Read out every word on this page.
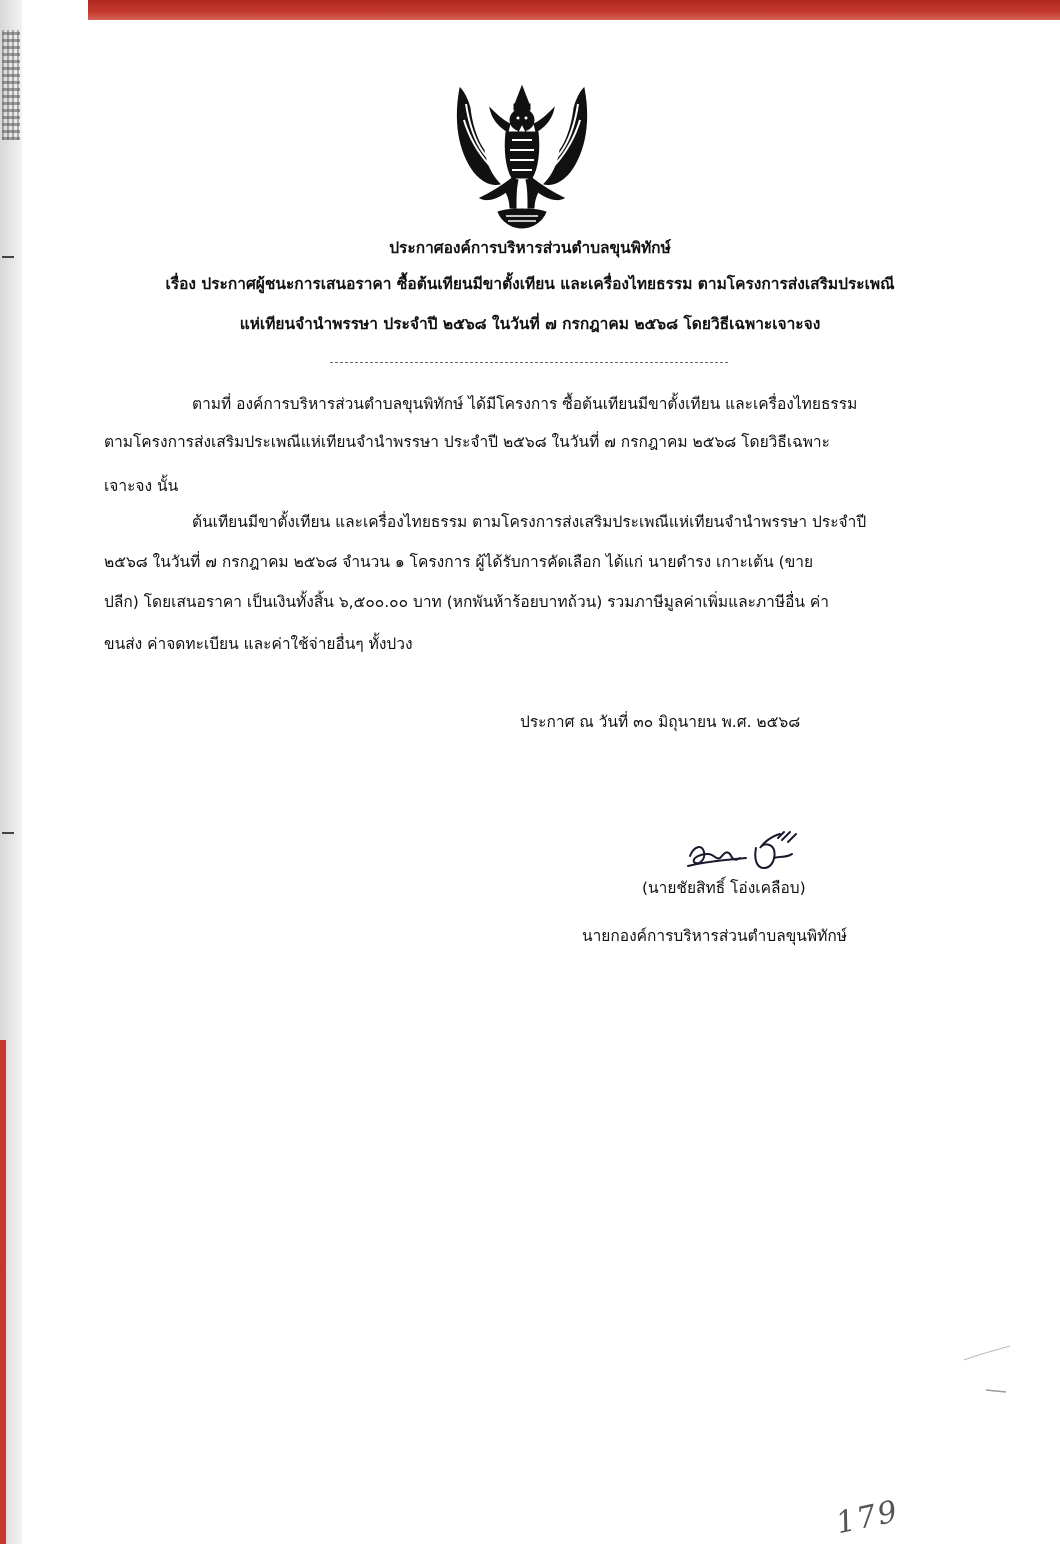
ประกาศองค์การบริหารส่วนตำบลขุนพิทักษ์
เรื่อง ประกาศผู้ชนะการเสนอราคา ซื้อต้นเทียนมีขาตั้งเทียน และเครื่องไทยธรรม ตามโครงการส่งเสริมประเพณี
แห่เทียนจำนำพรรษา ประจำปี ๒๕๖๘ ในวันที่ ๗ กรกฎาคม ๒๕๖๘ โดยวิธีเฉพาะเจาะจง
ตามที่ องค์การบริหารส่วนตำบลขุนพิทักษ์ ได้มีโครงการ ซื้อต้นเทียนมีขาตั้งเทียน และเครื่องไทยธรรม
ตามโครงการส่งเสริมประเพณีแห่เทียนจำนำพรรษา ประจำปี ๒๕๖๘ ในวันที่ ๗ กรกฎาคม ๒๕๖๘ โดยวิธีเฉพาะ
เจาะจง นั้น
ต้นเทียนมีขาตั้งเทียน และเครื่องไทยธรรม ตามโครงการส่งเสริมประเพณีแห่เทียนจำนำพรรษา ประจำปี
๒๕๖๘ ในวันที่ ๗ กรกฎาคม ๒๕๖๘ จำนวน ๑ โครงการ ผู้ได้รับการคัดเลือก ได้แก่ นายดำรง เกาะเต้น (ขาย
ปลีก) โดยเสนอราคา เป็นเงินทั้งสิ้น ๖,๕๐๐.๐๐ บาท (หกพันห้าร้อยบาทถ้วน) รวมภาษีมูลค่าเพิ่มและภาษีอื่น ค่า
ขนส่ง ค่าจดทะเบียน และค่าใช้จ่ายอื่นๆ ทั้งปวง
ประกาศ ณ วันที่ ๓๐ มิถุนายน พ.ศ. ๒๕๖๘
(นายชัยสิทธิ์ โอ่งเคลือบ)
นายกองค์การบริหารส่วนตำบลขุนพิทักษ์
179
